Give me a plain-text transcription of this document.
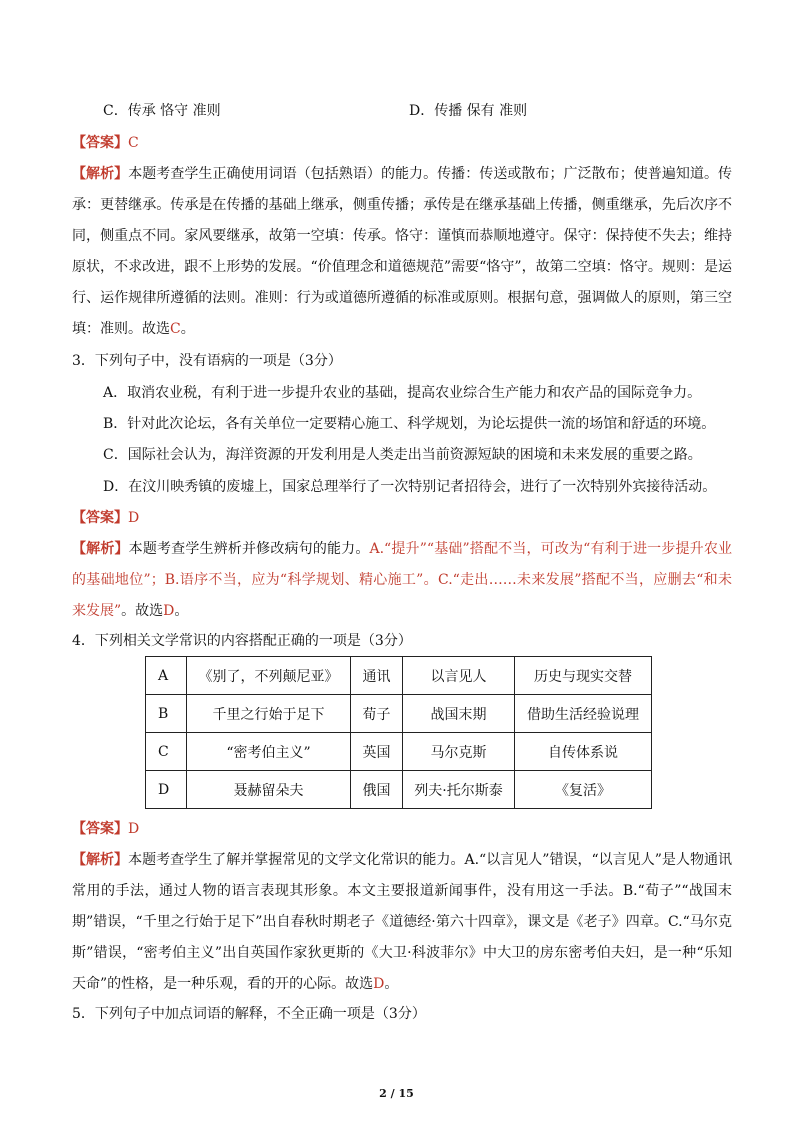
C．传承 恪守 准则	D．传播 保有 准则
【答案】C
【解析】本题考查学生正确使用词语（包括熟语）的能力。传播：传送或散布；广泛散布；使普遍知道。传承：更替继承。传承是在传播的基础上继承，侧重传播；承传是在继承基础上传播，侧重继承，先后次序不同，侧重点不同。家风要继承，故第一空填：传承。恪守：谨慎而恭顺地遵守。保守：保持使不失去；维持原状，不求改进，跟不上形势的发展。“价值理念和道德规范”需要“恪守”，故第二空填：恪守。规则：是运行、运作规律所遵循的法则。准则：行为或道德所遵循的标准或原则。根据句意，强调做人的原则，第三空填：准则。故选C。
3．下列句子中，没有语病的一项是（3分）
A．取消农业税，有利于进一步提升农业的基础，提高农业综合生产能力和农产品的国际竞争力。
B．针对此次论坛，各有关单位一定要精心施工、科学规划，为论坛提供一流的场馆和舒适的环境。
C．国际社会认为，海洋资源的开发利用是人类走出当前资源短缺的困境和未来发展的重要之路。
D．在汶川映秀镇的废墟上，国家总理举行了一次特别记者招待会，进行了一次特别外宾接待活动。
【答案】D
【解析】本题考查学生辨析并修改病句的能力。A.“提升”“基础”搭配不当，可改为“有利于进一步提升农业的基础地位”；B.语序不当，应为“科学规划、精心施工”。C.“走出……未来发展”搭配不当，应删去“和未来发展”。故选D。
4．下列相关文学常识的内容搭配正确的一项是（3分）
A	《别了，不列颠尼亚》	通讯	以言见人	历史与现实交替
B	千里之行始于足下	荀子	战国末期	借助生活经验说理
C	“密考伯主义”	英国	马尔克斯	自传体系说
D	聂赫留朵夫	俄国	列夫·托尔斯泰	《复活》
【答案】D
【解析】本题考查学生了解并掌握常见的文学文化常识的能力。A.“以言见人”错误，“以言见人”是人物通讯常用的手法，通过人物的语言表现其形象。本文主要报道新闻事件，没有用这一手法。B.“荀子”“战国末期”错误，“千里之行始于足下”出自春秋时期老子《道德经·第六十四章》，课文是《老子》四章。C.“马尔克斯”错误，“密考伯主义”出自英国作家狄更斯的《大卫·科波菲尔》中大卫的房东密考伯夫妇，是一种“乐知天命”的性格，是一种乐观，看的开的心际。故选D。
5．下列句子中加点词语的解释，不全正确一项是（3分）
2 / 15
